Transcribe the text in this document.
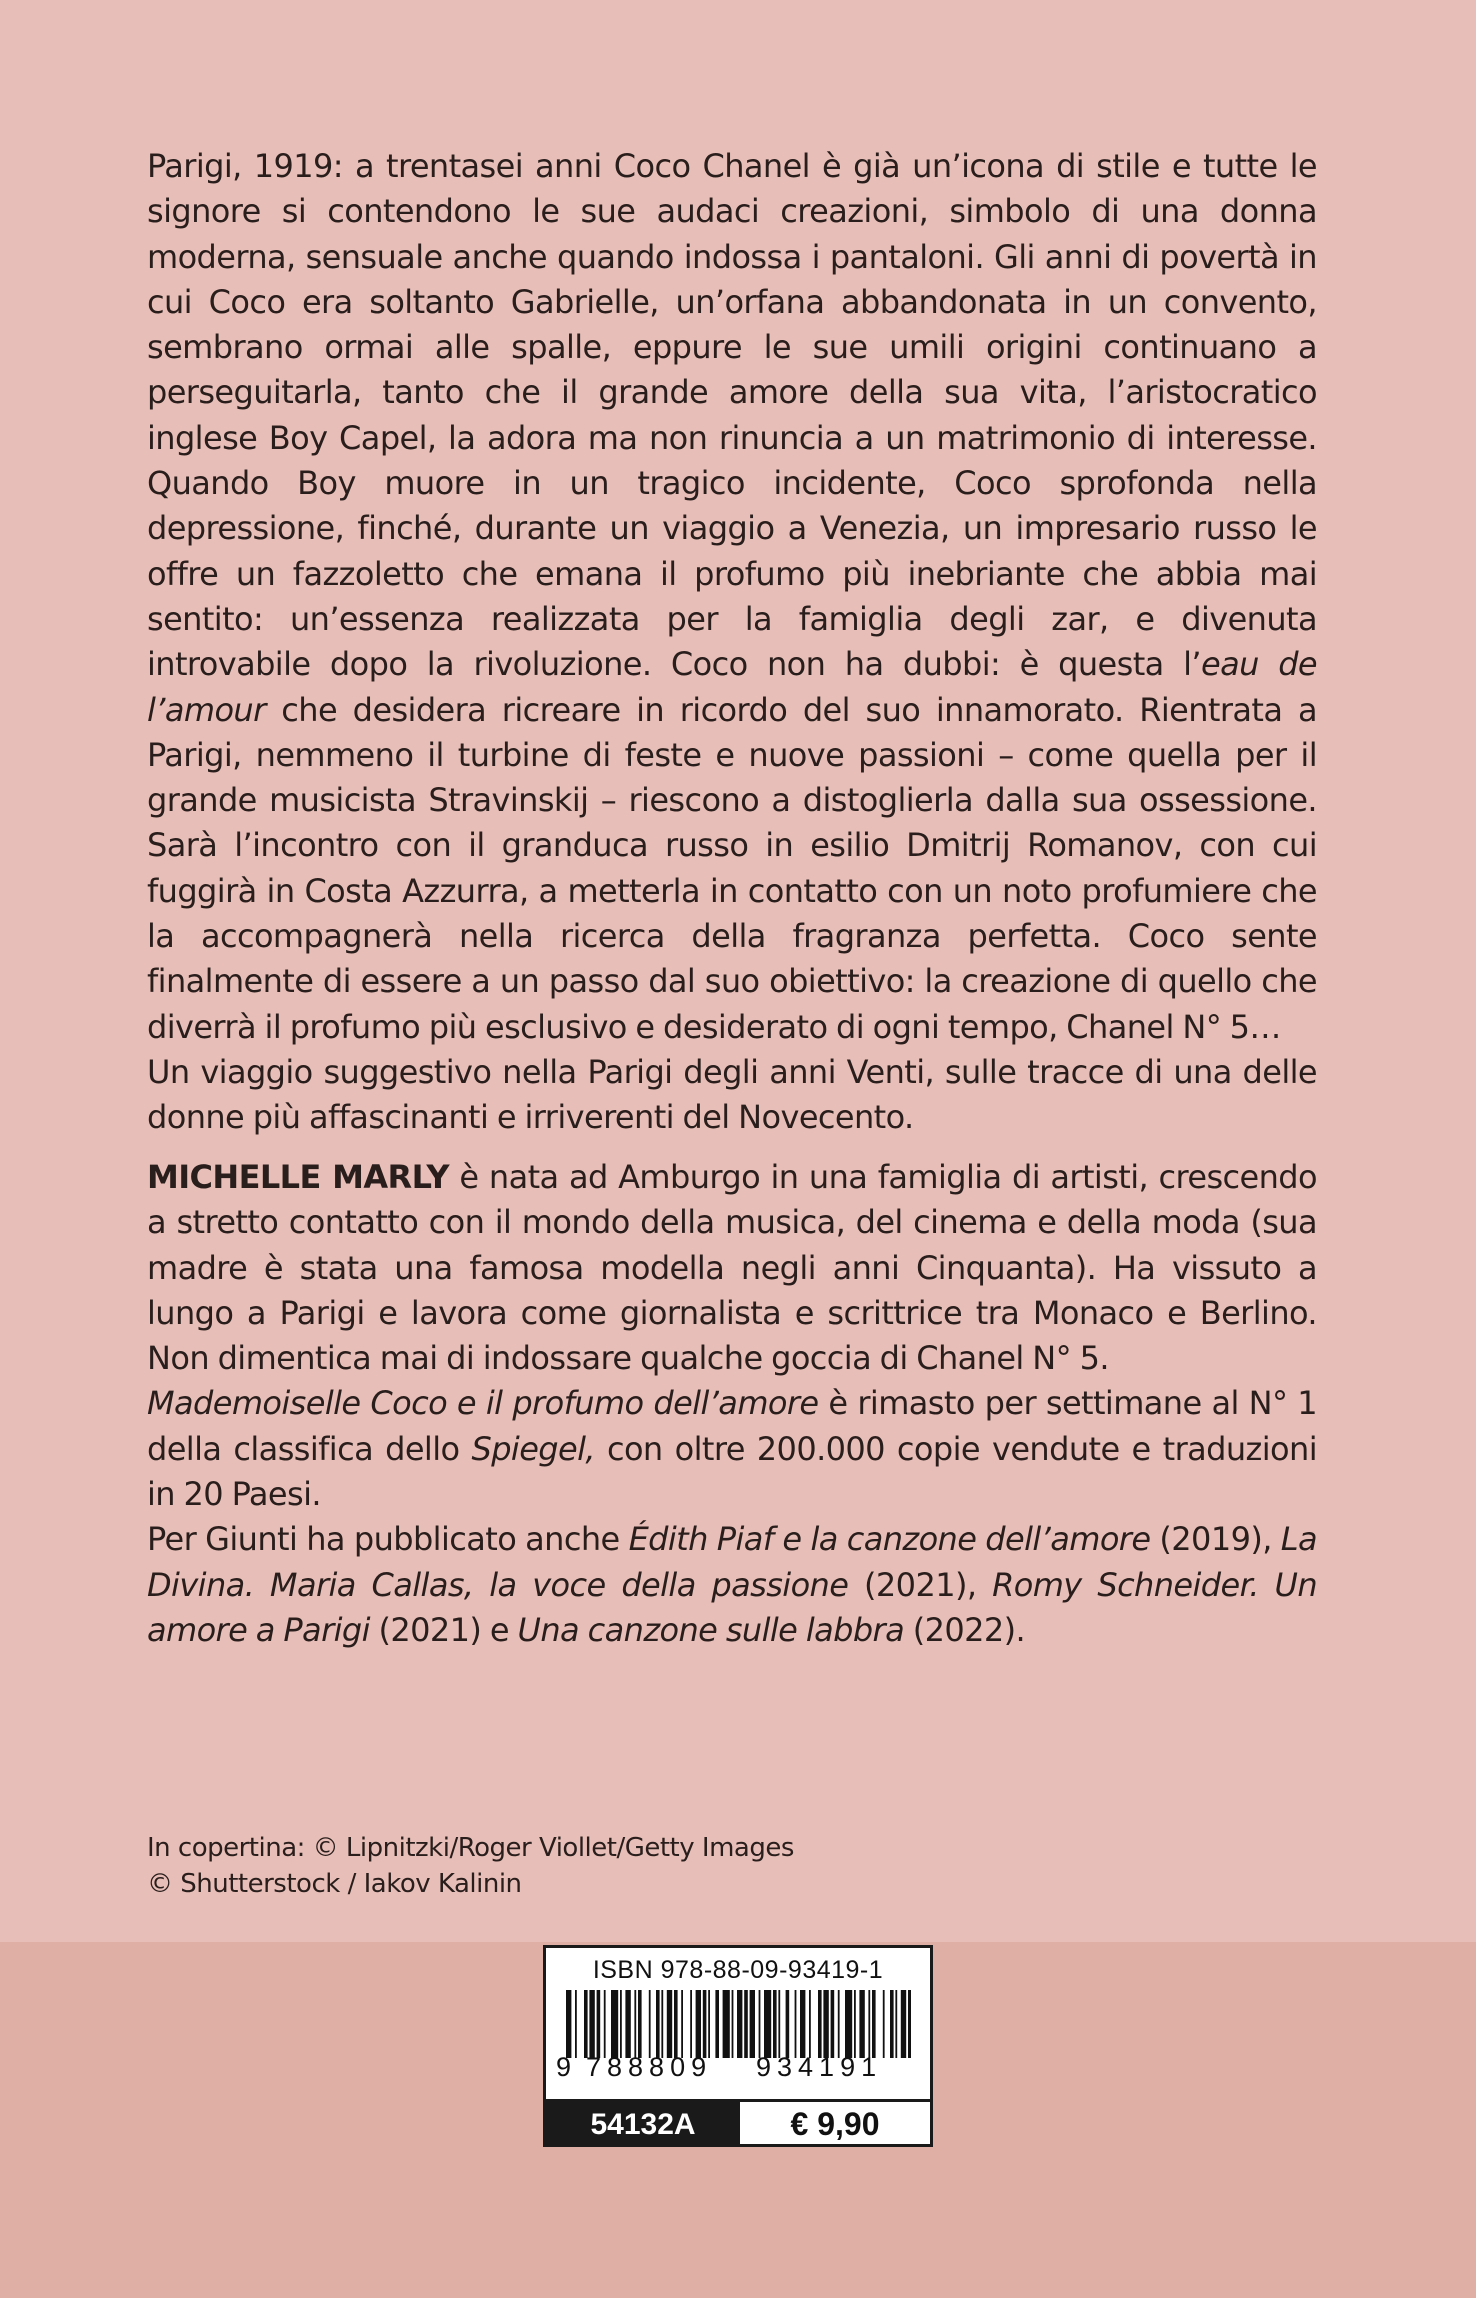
Parigi, 1919: a trentasei anni Coco Chanel è già un’icona di stile e tutte le signore si contendono le sue audaci creazioni, simbolo di una donna moderna, sensuale anche quando indossa i pantaloni. Gli anni di povertà in cui Coco era soltanto Gabrielle, un’orfana abbandonata in un convento, sembrano ormai alle spalle, eppure le sue umili origini continuano a perseguitarla, tanto che il grande amore della sua vita, l’aristocratico inglese Boy Capel, la adora ma non rinuncia a un matrimonio di interesse. Quando Boy muore in un tragico incidente, Coco sprofonda nella depressione, finché, durante un viaggio a Venezia, un impresario russo le offre un fazzoletto che emana il profumo più inebriante che abbia mai sentito: un’essenza realizzata per la famiglia degli zar, e divenuta introvabile dopo la rivoluzione. Coco non ha dubbi: è questa l’eau de l’amour che desidera ricreare in ricordo del suo innamorato. Rientrata a Parigi, nemmeno il turbine di feste e nuove passioni – come quella per il grande musicista Stravinskij – riescono a distoglierla dalla sua ossessione. Sarà l’incontro con il granduca russo in esilio Dmitrij Romanov, con cui fuggirà in Costa Azzurra, a metterla in contatto con un noto profumiere che la accompagnerà nella ricerca della fragranza perfetta. Coco sente finalmente di essere a un passo dal suo obiettivo: la creazione di quello che diverrà il profumo più esclusivo e desiderato di ogni tempo, Chanel N° 5…

Un viaggio suggestivo nella Parigi degli anni Venti, sulle tracce di una delle donne più affascinanti e irriverenti del Novecento.

MICHELLE MARLY è nata ad Amburgo in una famiglia di artisti, crescendo a stretto contatto con il mondo della musica, del cinema e della moda (sua madre è stata una famosa modella negli anni Cinquanta). Ha vissuto a lungo a Parigi e lavora come giornalista e scrittrice tra Monaco e Berlino. Non dimentica mai di indossare qualche goccia di Chanel N° 5.

Mademoiselle Coco e il profumo dell’amore è rimasto per settimane al N° 1 della classifica dello Spiegel, con oltre 200.000 copie vendute e traduzioni in 20 Paesi.

Per Giunti ha pubblicato anche Édith Piaf e la canzone dell’amore (2019), La Divina. Maria Callas, la voce della passione (2021), Romy Schneider. Un amore a Parigi (2021) e Una canzone sulle labbra (2022).

In copertina: © Lipnitzki/Roger Viollet/Getty Images
© Shutterstock / Iakov Kalinin
ISBN 978-88-09-93419-1
9 788809 934191
54132A	€ 9,90
